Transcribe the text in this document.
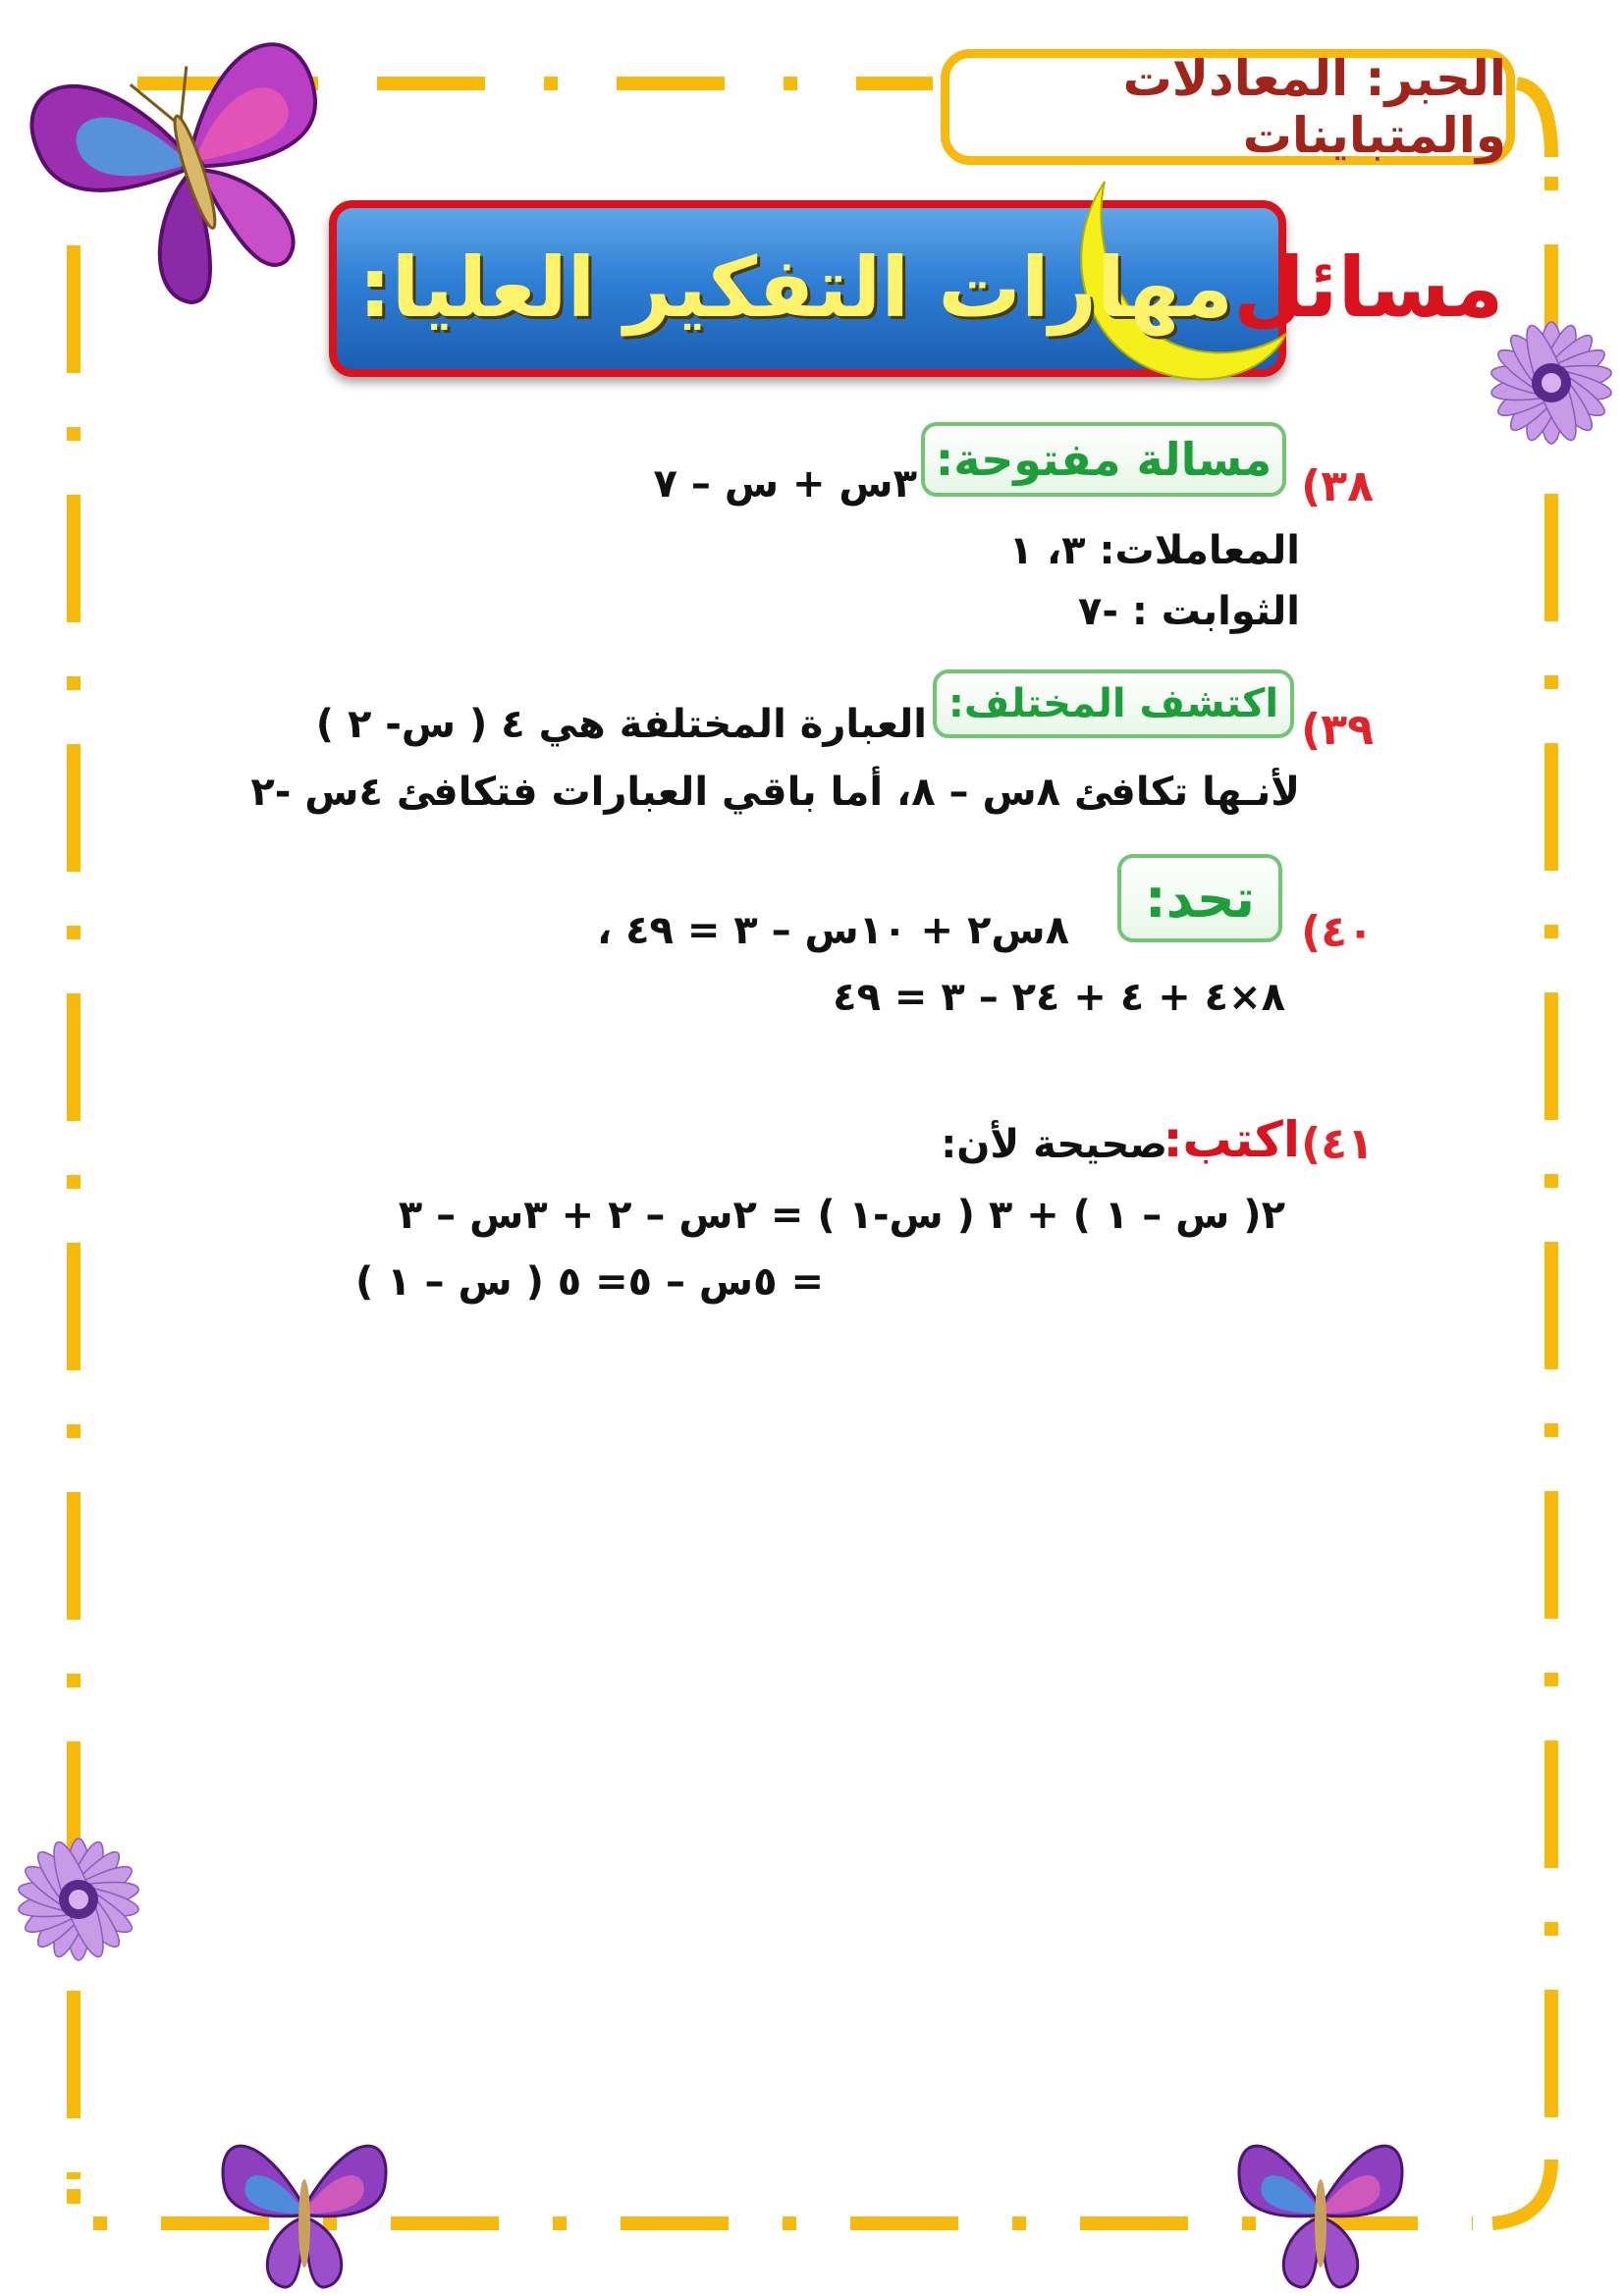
الحبر: المعادلات والمتباينات
مسائل
مهارات التفكير العليا:
٣٨)
مسالة مفتوحة:
٣س + س – ٧
المعاملات: ٣، ١
الثوابت : -٧
٣٩)
اكتشف المختلف:
العبارة المختلفة هي ٤ ( س- ٢ )
لأنـها تكافئ ٨س – ٨، أما باقي العبارات فتكافئ ٤س -٢
٤٠)
تحد:
٨س٢ + ١٠س – ٣ = ٤٩ ،
٨×٤ + ٤ + ٢٤ – ٣ = ٤٩
٤١)
اكتب:
صحيحة لأن:
٢( س – ١ ) + ٣ ( س-١ ) = ٢س – ٢ + ٣س – ٣
= ٥س – ٥= ٥ ( س – ١ )
